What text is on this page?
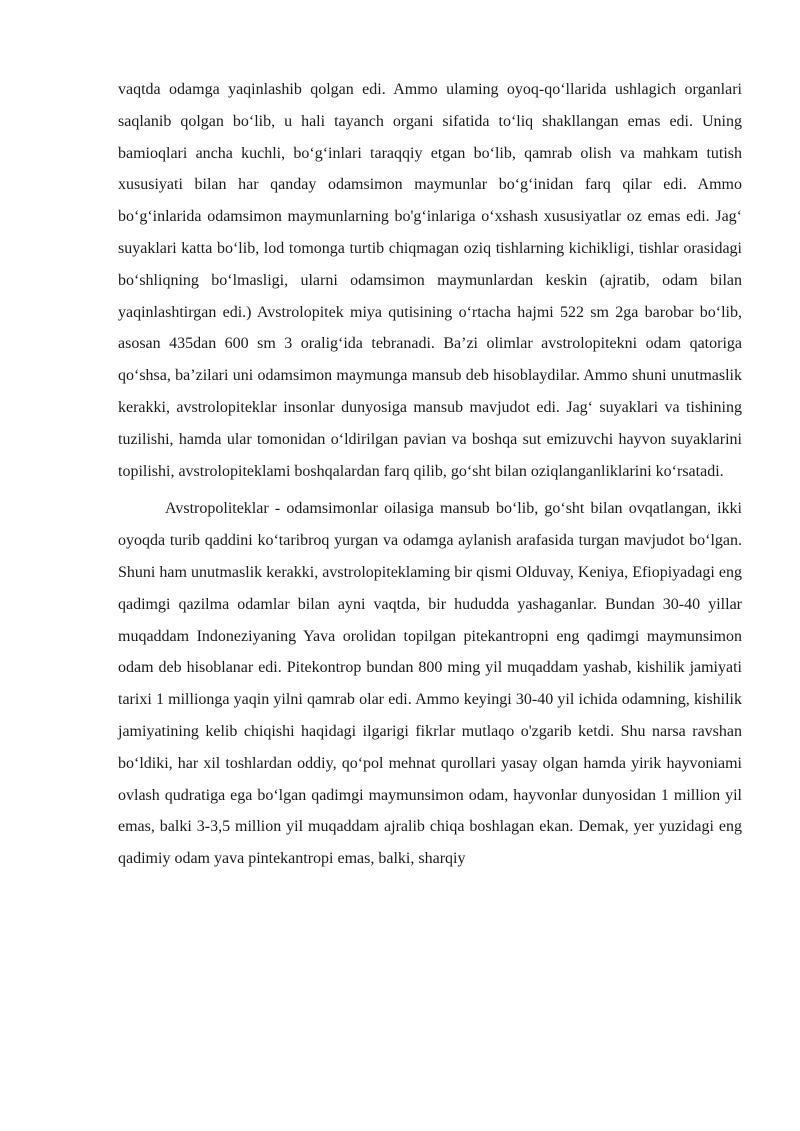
vaqtda odamga yaqinlashib qolgan edi. Ammo ulaming oyoq-qo‘llarida ushlagich organlari saqlanib qolgan bo‘lib, u hali tayanch organi sifatida to‘liq shakllangan emas edi. Uning bamioqlari ancha kuchli, bo‘g‘inlari taraqqiy etgan bo‘lib, qamrab olish va mahkam tutish xususiyati bilan har qanday odamsimon maymunlar bo‘g‘inidan farq qilar edi. Ammo bo‘g‘inlarida odamsimon maymunlarning bo'g‘inlariga o‘xshash xususiyatlar oz emas edi. Jag‘ suyaklari katta bo‘lib, lod tomonga turtib chiqmagan oziq tishlarning kichikligi, tishlar orasidagi bo‘shliqning bo‘lmasligi, ularni odamsimon maymunlardan keskin (ajratib, odam bilan yaqinlashtirgan edi.) Avstrolopitek miya qutisining o‘rtacha hajmi 522 sm 2ga barobar bo‘lib, asosan 435dan 600 sm 3 oralig‘ida tebranadi. Ba’zi olimlar avstrolopitekni odam qatoriga qo‘shsa, ba’zilari uni odamsimon maymunga mansub deb hisoblaydilar. Ammo shuni unutmaslik kerakki, avstrolopiteklar insonlar dunyosiga mansub mavjudot edi. Jag‘ suyaklari va tishining tuzilishi, hamda ular tomonidan o‘ldirilgan pavian va boshqa sut emizuvchi hayvon suyaklarini topilishi, avstrolopiteklami boshqalardan farq qilib, go‘sht bilan oziqlanganliklarini ko‘rsatadi.

Avstropoliteklar - odamsimonlar oilasiga mansub bo‘lib, go‘sht bilan ovqatlangan, ikki oyoqda turib qaddini ko‘taribroq yurgan va odamga aylanish arafasida turgan mavjudot bo‘lgan. Shuni ham unutmaslik kerakki, avstrolopiteklaming bir qismi Olduvay, Keniya, Efiopiyadagi eng qadimgi qazilma odamlar bilan ayni vaqtda, bir hududda yashaganlar. Bundan 30-40 yillar muqaddam Indoneziyaning Yava orolidan topilgan pitekantropni eng qadimgi maymunsimon odam deb hisoblanar edi. Pitekontrop bundan 800 ming yil muqaddam yashab, kishilik jamiyati tarixi 1 millionga yaqin yilni qamrab olar edi. Ammo keyingi 30-40 yil ichida odamning, kishilik jamiyatining kelib chiqishi haqidagi ilgarigi fikrlar mutlaqo o'zgarib ketdi. Shu narsa ravshan bo‘ldiki, har xil toshlardan oddiy, qo‘pol mehnat qurollari yasay olgan hamda yirik hayvoniami ovlash qudratiga ega bo‘lgan qadimgi maymunsimon odam, hayvonlar dunyosidan 1 million yil emas, balki 3-3,5 million yil muqaddam ajralib chiqa boshlagan ekan. Demak, yer yuzidagi eng qadimiy odam yava pintekantropi emas, balki, sharqiy
